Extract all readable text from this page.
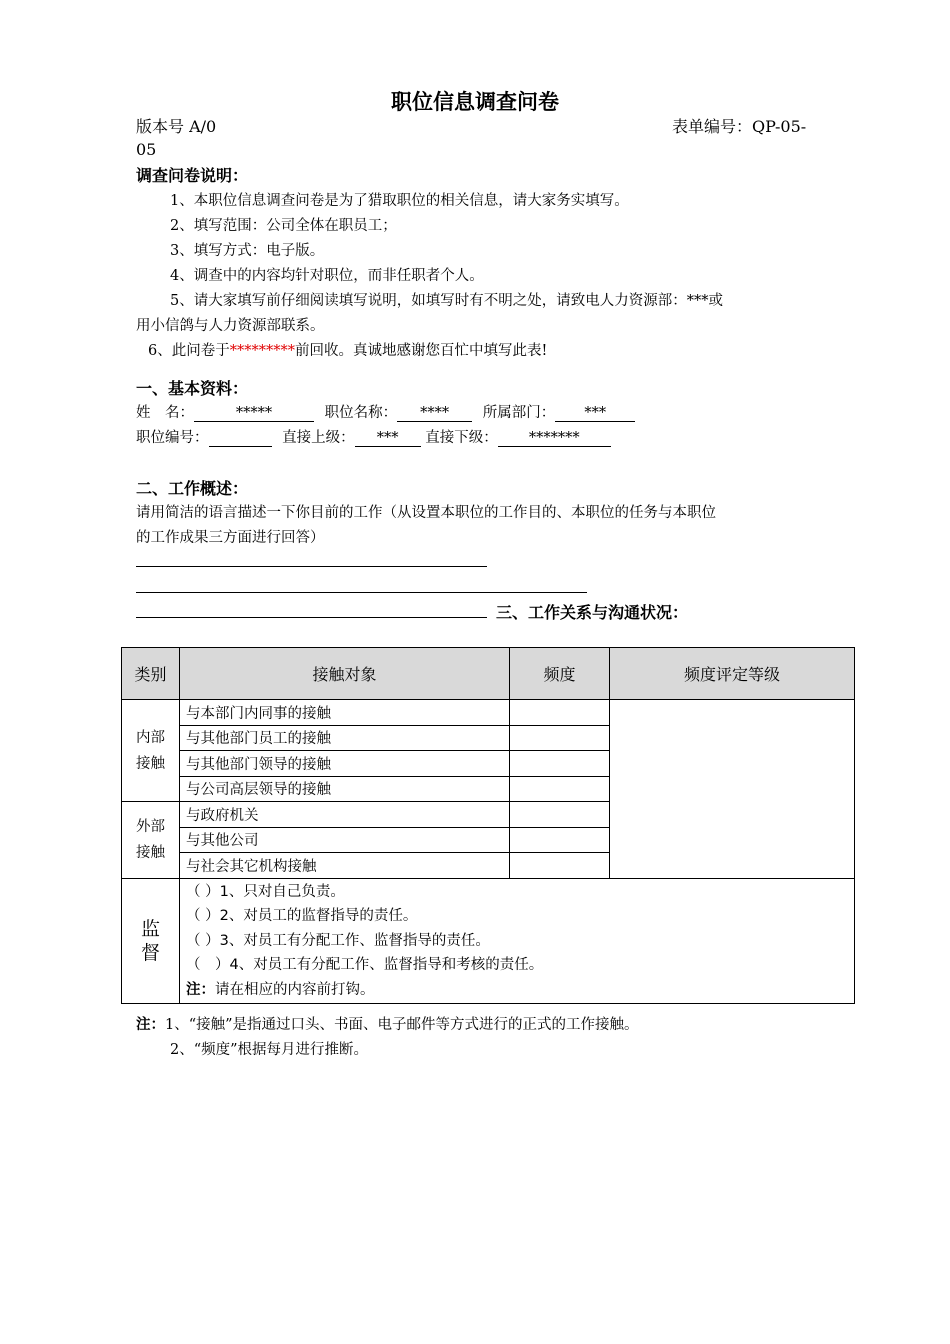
职位信息调查问卷
版本号 A/0	表单编号：QP-05-
05
调查问卷说明：
1、本职位信息调查问卷是为了猎取职位的相关信息，请大家务实填写。
2、填写范围：公司全体在职员工；
3、填写方式：电子版。
4、调查中的内容均针对职位，而非任职者个人。
5、请大家填写前仔细阅读填写说明，如填写时有不明之处，请致电人力资源部：***或
用小信鸽与人力资源部联系。
6、此问卷于*********前回收。真诚地感谢您百忙中填写此表!
一、基本资料：
姓　名：	*****	职位名称： **** 所属部门： ***
职位编号：	直接上级： *** 直接下级： *******
二、工作概述：
请用简洁的语言描述一下你目前的工作（从设置本职位的工作目的、本职位的任务与本职位
的工作成果三方面进行回答）
三、工作关系与沟通状况：
类别	接触对象	频度	频度评定等级

内部接触	与本部门内同事的接触		
	与其他部门员工的接触		
	与其他部门领导的接触		
	与公司高层领导的接触		

外部接触	与政府机关		
	与其他公司		
	与社会其它机构接触		

监督	（ ）1、只对自己负责。
（ ）2、对员工的监督指导的责任。
（ ）3、对员工有分配工作、监督指导的责任。
（　）4、对员工有分配工作、监督指导和考核的责任。
注：请在相应的内容前打钩。		
注：1、“接触”是指通过口头、书面、电子邮件等方式进行的正式的工作接触。
2、“频度”根据每月进行推断。
